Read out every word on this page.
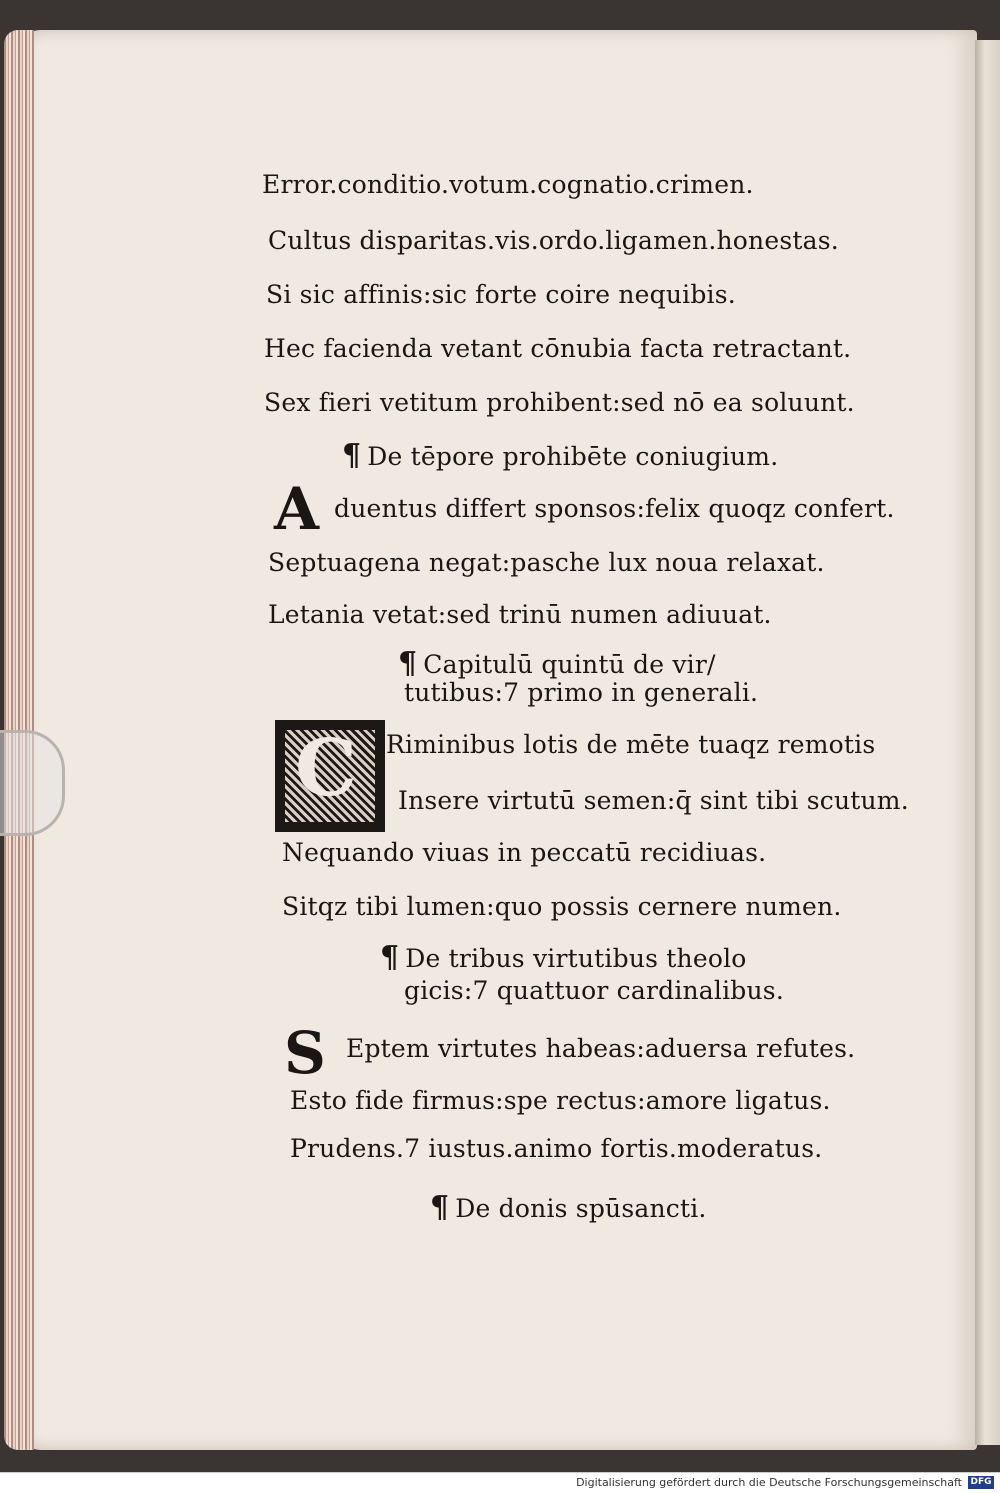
Error.conditio.votum.cognatio.crimen.
Cultus disparitas.vis.ordo.ligamen.honestas.
Si sic affinis:sic forte coire nequibis.
Hec facienda vetant cōnubia facta retractant.
Sex fieri vetitum prohibent:sed nō ea soluunt.
¶ De tēpore prohibēte coniugium.
A duentus differt sponsos:felix quoqz confert.
Septuagena negat:pasche lux noua relaxat.
Letania vetat:sed trinū numen adiuuat.
¶ Capitulū quintū de vir/
tutibus:7 primo in generali.
C Riminibus lotis de mēte tuaqz remotis
Insere virtutū semen:q̄ sint tibi scutum.
Nequando viuas in peccatū recidiuas.
Sitqz tibi lumen:quo possis cernere numen.
¶ De tribus virtutibus theolo
gicis:7 quattuor cardinalibus.
S Eptem virtutes habeas:aduersa refutes.
Esto fide firmus:spe rectus:amore ligatus.
Prudens.7 iustus.animo fortis.moderatus.
¶ De donis spūsancti.
Digitalisierung gefördert durch die Deutsche Forschungsgemeinschaft DFG
